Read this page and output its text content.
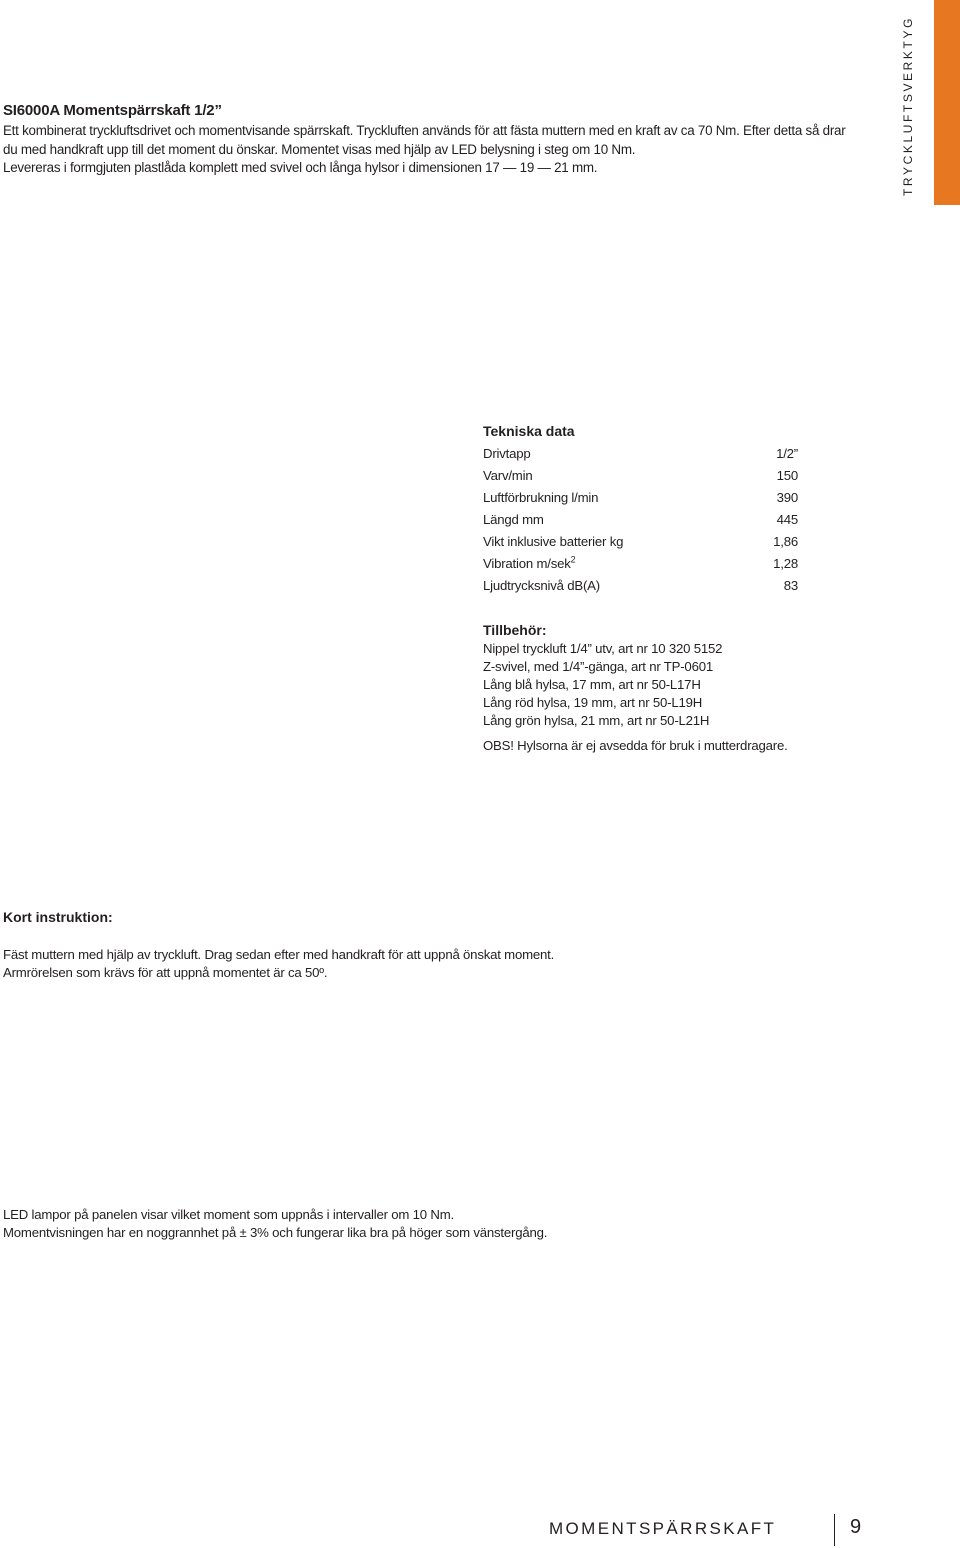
TRYCKLUFTSVERKTYG
SI6000A Momentspärrskaft 1/2”
Ett kombinerat tryckluftsdrivet och momentvisande spärrskaft. Tryckluften används för att fästa muttern med en kraft av ca 70 Nm. Efter detta så drar
du med handkraft upp till det moment du önskar. Momentet visas med hjälp av LED belysning i steg om 10 Nm.
Levereras i formgjuten plastlåda komplett med svivel och långa hylsor i dimensionen 17 — 19 — 21 mm.
Tekniska data
Drivtapp	1/2”
Varv/min	150
Luftförbrukning l/min	390
Längd mm	445
Vikt inklusive batterier kg	1,86
Vibration m/sek$^2$	1,28
Ljudtrycksnivå dB(A)	83
Tillbehör:
Nippel tryckluft 1/4” utv, art nr 10 320 5152
Z-svivel, med 1/4”-gänga, art nr TP-0601
Lång blå hylsa, 17 mm, art nr 50-L17H
Lång röd hylsa, 19 mm, art nr 50-L19H
Lång grön hylsa, 21 mm, art nr 50-L21H
OBS! Hylsorna är ej avsedda för bruk i mutterdragare.
Kort instruktion:
Fäst muttern med hjälp av tryckluft. Drag sedan efter med handkraft för att uppnå önskat moment.
Armrörelsen som krävs för att uppnå momentet är ca 50º.
LED lampor på panelen visar vilket moment som uppnås i intervaller om 10 Nm.
Momentvisningen har en noggrannhet på ± 3% och fungerar lika bra på höger som vänstergång.
MOMENTSPÄRRSKAFT	9
